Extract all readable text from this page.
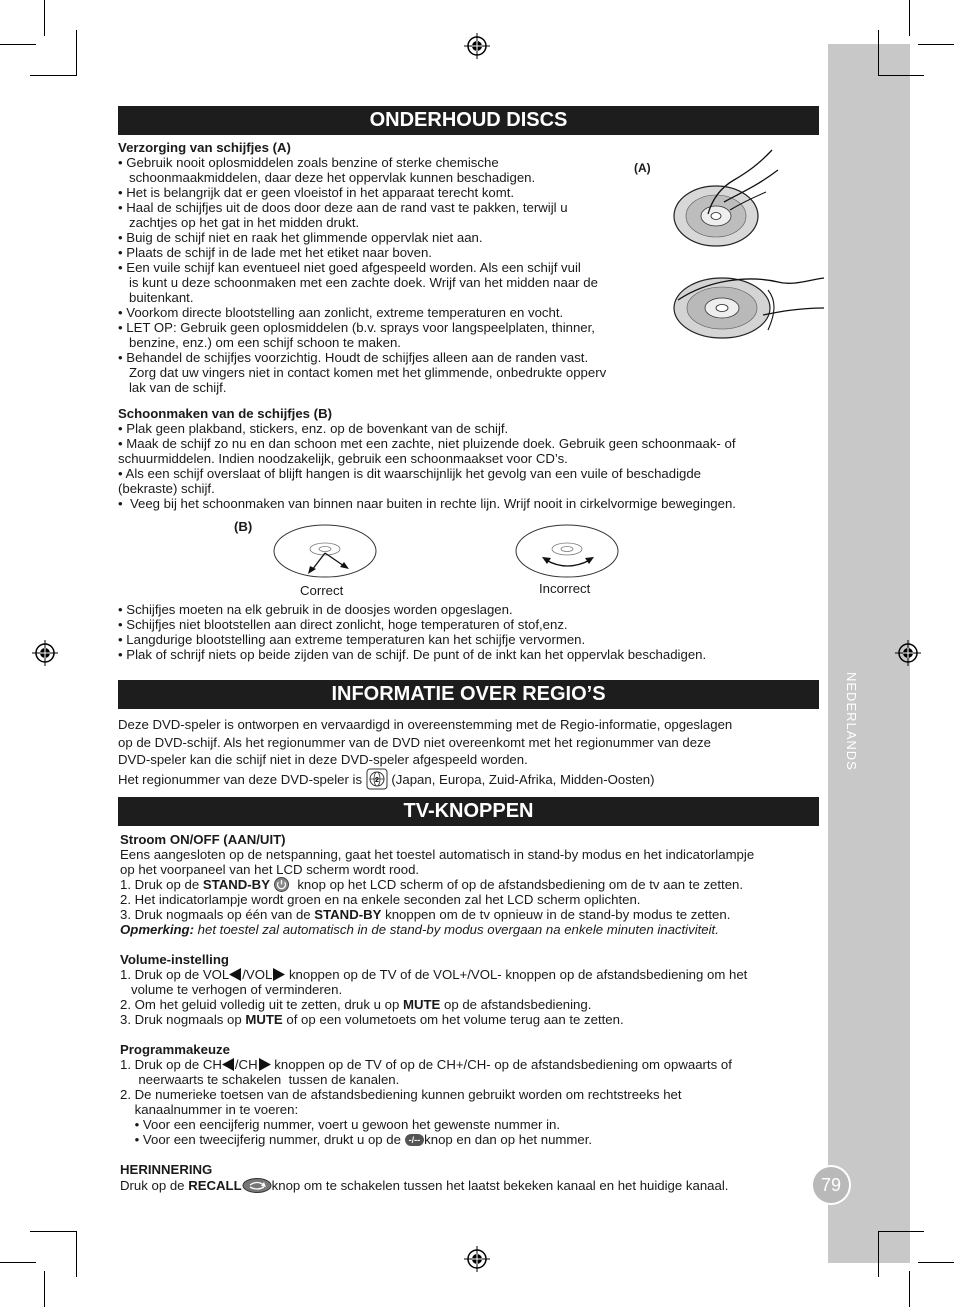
NEDERLANDS
79
ONDERHOUD DISCS
Verzorging van schijfjes (A)
• Gebruik nooit oplosmiddelen zoals benzine of sterke chemische
schoonmaakmiddelen, daar deze het oppervlak kunnen beschadigen.
• Het is belangrijk dat er geen vloeistof in het apparaat terecht komt.
• Haal de schijfjes uit de doos door deze aan de rand vast te pakken, terwijl u
zachtjes op het gat in het midden drukt.
• Buig de schijf niet en raak het glimmende oppervlak niet aan.
• Plaats de schijf in de lade met het etiket naar boven.
• Een vuile schijf kan eventueel niet goed afgespeeld worden. Als een schijf vuil
is kunt u deze schoonmaken met een zachte doek. Wrijf van het midden naar de
buitenkant.
• Voorkom directe blootstelling aan zonlicht, extreme temperaturen en vocht.
• LET OP: Gebruik geen oplosmiddelen (b.v. sprays voor langspeelplaten, thinner,
benzine, enz.) om een schijf schoon te maken.
• Behandel de schijfjes voorzichtig. Houdt de schijfjes alleen aan de randen vast.
Zorg dat uw vingers niet in contact komen met het glimmende, onbedrukte opperv
lak van de schijf.
(A)
Schoonmaken van de schijfjes (B)
• Plak geen plakband, stickers, enz. op de bovenkant van de schijf.
• Maak de schijf zo nu en dan schoon met een zachte, niet pluizende doek. Gebruik geen schoonmaak- of
schuurmiddelen. Indien noodzakelijk, gebruik een schoonmaakset voor CD’s.
• Als een schijf overslaat of blijft hangen is dit waarschijnlijk het gevolg van een vuile of beschadigde
(bekraste) schijf.
•  Veeg bij het schoonmaken van binnen naar buiten in rechte lijn. Wrijf nooit in cirkelvormige bewegingen.
(B)
Correct	Incorrect
• Schijfjes moeten na elk gebruik in de doosjes worden opgeslagen.
• Schijfjes niet blootstellen aan direct zonlicht, hoge temperaturen of stof,enz.
• Langdurige blootstelling aan extreme temperaturen kan het schijfje vervormen.
• Plak of schrijf niets op beide zijden van de schijf. De punt of de inkt kan het oppervlak beschadigen.
INFORMATIE OVER REGIO’S
Deze DVD-speler is ontworpen en vervaardigd in overeenstemming met de Regio-informatie, opgeslagen
op de DVD-schijf. Als het regionummer van de DVD niet overeenkomt met het regionummer van deze
DVD-speler kan die schijf niet in deze DVD-speler afgespeeld worden.
Het regionummer van deze DVD-speler is 2 (Japan, Europa, Zuid-Afrika, Midden-Oosten)
TV-KNOPPEN
Stroom ON/OFF (AAN/UIT)
Eens aangesloten op de netspanning, gaat het toestel automatisch in stand-by modus en het indicatorlampje
op het voorpaneel van het LCD scherm wordt rood.
1. Druk op de STAND-BY  knop op het LCD scherm of op de afstandsbediening om de tv aan te zetten.
2. Het indicatorlampje wordt groen en na enkele seconden zal het LCD scherm oplichten.
3. Druk nogmaals op één van de STAND-BY knoppen om de tv opnieuw in de stand-by modus te zetten.
Opmerking: het toestel zal automatisch in de stand-by modus overgaan na enkele minuten inactiviteit.
Volume-instelling
1. Druk op de VOL /VOL knoppen op de TV of de VOL+/VOL- knoppen op de afstandsbediening om het
volume te verhogen of verminderen.
2. Om het geluid volledig uit te zetten, druk u op MUTE op de afstandsbediening.
3. Druk nogmaals op MUTE of op een volumetoets om het volume terug aan te zetten.
Programmakeuze
1. Druk op de CH /CH knoppen op de TV of op de CH+/CH- op de afstandsbediening om opwaarts of
neerwaarts te schakelen  tussen de kanalen.
2. De numerieke toetsen van de afstandsbediening kunnen gebruikt worden om rechtstreeks het
kanaalnummer in te voeren:
• Voor een eencijferig nummer, voert u gewoon het gewenste nummer in.
• Voor een tweecijferig nummer, drukt u op de -/-- knop en dan op het nummer.
HERINNERING
Druk op de RECALL knop om te schakelen tussen het laatst bekeken kanaal en het huidige kanaal.
